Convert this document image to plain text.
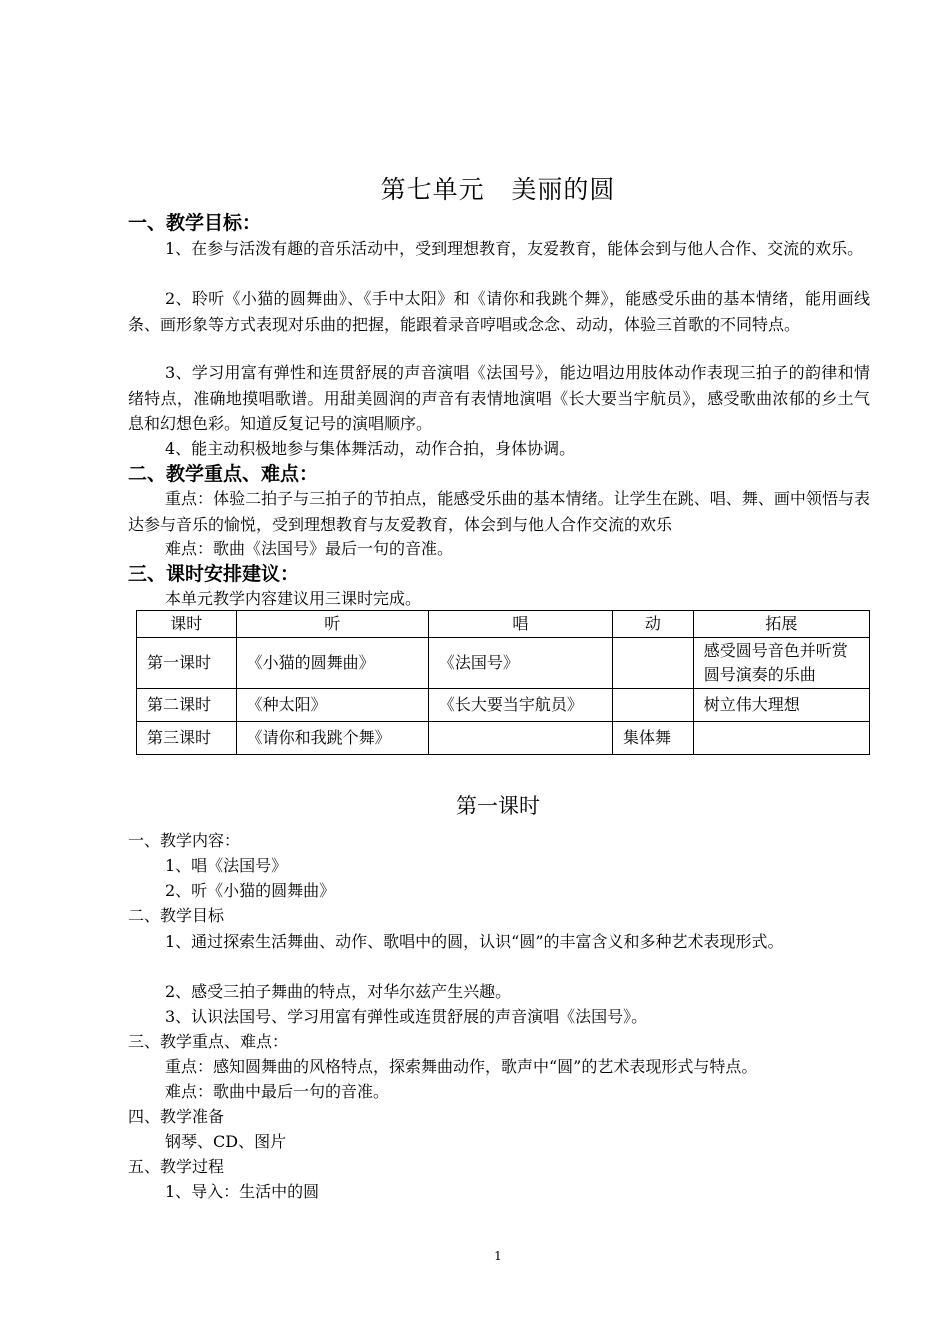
第七单元   美丽的圆
一、教学目标：
1、在参与活泼有趣的音乐活动中，受到理想教育，友爱教育，能体会到与他人合作、交流的欢乐。
2、聆听《小猫的圆舞曲》、《手中太阳》和《请你和我跳个舞》，能感受乐曲的基本情绪，能用画线条、画形象等方式表现对乐曲的把握，能跟着录音哼唱或念念、动动，体验三首歌的不同特点。
3、学习用富有弹性和连贯舒展的声音演唱《法国号》，能边唱边用肢体动作表现三拍子的韵律和情绪特点，准确地摸唱歌谱。用甜美圆润的声音有表情地演唱《长大要当宇航员》，感受歌曲浓郁的乡土气息和幻想色彩。知道反复记号的演唱顺序。
4、能主动积极地参与集体舞活动，动作合拍，身体协调。
二、教学重点、难点：
重点：体验二拍子与三拍子的节拍点，能感受乐曲的基本情绪。让学生在跳、唱、舞、画中领悟与表达参与音乐的愉悦，受到理想教育与友爱教育，体会到与他人合作交流的欢乐
难点：歌曲《法国号》最后一句的音准。
三、课时安排建议：
本单元教学内容建议用三课时完成。
课时	听	唱	动	拓展
第一课时	《小猫的圆舞曲》	《法国号》		感受圆号音色并听赏圆号演奏的乐曲
第二课时	《种太阳》	《长大要当宇航员》		树立伟大理想
第三课时	《请你和我跳个舞》		集体舞	
第一课时
一、教学内容：
1、唱《法国号》
2、听《小猫的圆舞曲》
二、教学目标
1、通过探索生活舞曲、动作、歌唱中的圆，认识“圆”的丰富含义和多种艺术表现形式。
2、感受三拍子舞曲的特点，对华尔兹产生兴趣。
3、认识法国号、学习用富有弹性或连贯舒展的声音演唱《法国号》。
三、教学重点、难点：
重点：感知圆舞曲的风格特点，探索舞曲动作，歌声中“圆”的艺术表现形式与特点。
难点：歌曲中最后一句的音准。
四、教学准备
钢琴、CD、图片
五、教学过程
1、导入：生活中的圆
1
